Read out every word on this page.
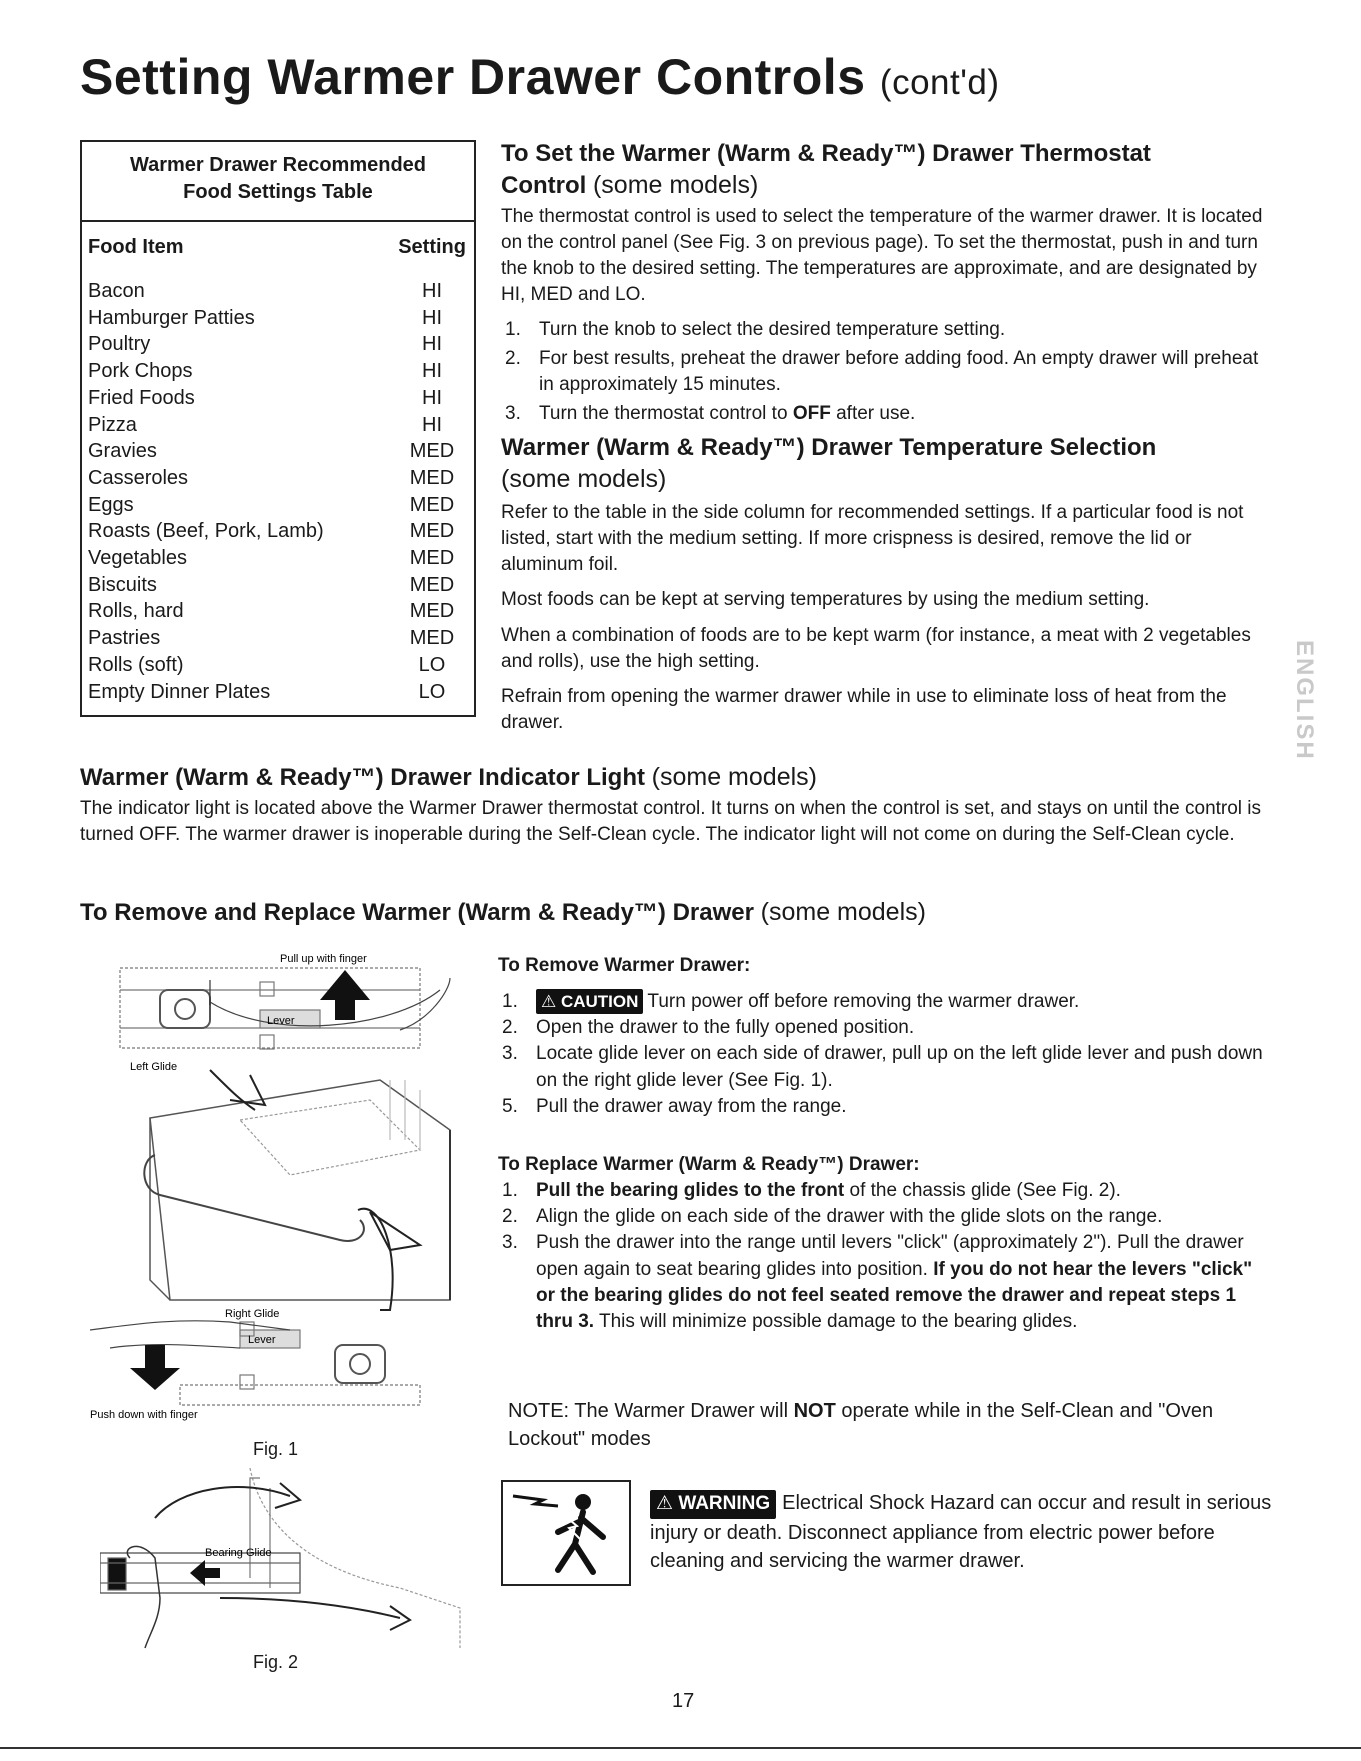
Setting Warmer Drawer Controls (cont'd)
Warmer Drawer Recommended
Food Settings Table
Food Item	Setting
Bacon	HI
Hamburger Patties	HI
Poultry	HI
Pork Chops	HI
Fried Foods	HI
Pizza	HI
Gravies	MED
Casseroles	MED
Eggs	MED
Roasts (Beef, Pork, Lamb)	MED
Vegetables	MED
Biscuits	MED
Rolls, hard	MED
Pastries	MED
Rolls (soft)	LO
Empty Dinner Plates	LO
To Set the Warmer (Warm & Ready™) Drawer Thermostat
Control (some models)

The thermostat control is used to select the temperature of the warmer drawer. It is located on the control panel (See Fig. 3 on previous page). To set the thermostat, push in and turn the knob to the desired setting. The temperatures are approximate, and are designated by HI, MED and LO.

1. Turn the knob to select the desired temperature setting.
2. For best results, preheat the drawer before adding food. An empty drawer will preheat in approximately 15 minutes.
3. Turn the thermostat control to OFF after use.
Warmer (Warm & Ready™) Drawer Temperature Selection
(some models)

Refer to the table in the side column for recommended settings. If a particular food is not listed, start with the medium setting. If more crispness is desired, remove the lid or aluminum foil.

Most foods can be kept at serving temperatures by using the medium setting.

When a combination of foods are to be kept warm (for instance, a meat with 2 vegetables and rolls), use the high setting.

Refrain from opening the warmer drawer while in use to eliminate loss of heat from the drawer.	ENGLISH
Warmer (Warm & Ready™) Drawer Indicator Light (some models)

The indicator light is located above the Warmer Drawer thermostat control. It turns on when the control is set, and stays on until the control is turned OFF. The warmer drawer is inoperable during the Self-Clean cycle. The indicator light will not come on during the Self-Clean cycle.

To Remove and Replace Warmer (Warm & Ready™) Drawer (some models)
Pull up with finger
Lever
Left Glide
Right Glide
Lever
Push down with finger
Fig. 1
Bearing Glide
Fig. 2
To Remove Warmer Drawer:
1. ⚠ CAUTION Turn power off before removing the warmer drawer.
2. Open the drawer to the fully opened position.
3. Locate glide lever on each side of drawer, pull up on the left glide lever and push down on the right glide lever (See Fig. 1).
5. Pull the drawer away from the range.
To Replace Warmer (Warm & Ready™) Drawer:
1. Pull the bearing glides to the front of the chassis glide (See Fig. 2).
2. Align the glide on each side of the drawer with the glide slots on the range.
3. Push the drawer into the range until levers "click" (approximately 2"). Pull the drawer open again to seat bearing glides into position. If you do not hear the levers "click" or the bearing glides do not feel seated remove the drawer and repeat steps 1 thru 3. This will minimize possible damage to the bearing glides.
NOTE: The Warmer Drawer will NOT operate while in the Self-Clean and "Oven Lockout" modes
⚠ WARNING Electrical Shock Hazard can occur and result in serious injury or death. Disconnect appliance from electric power before cleaning and servicing the warmer drawer.
17
